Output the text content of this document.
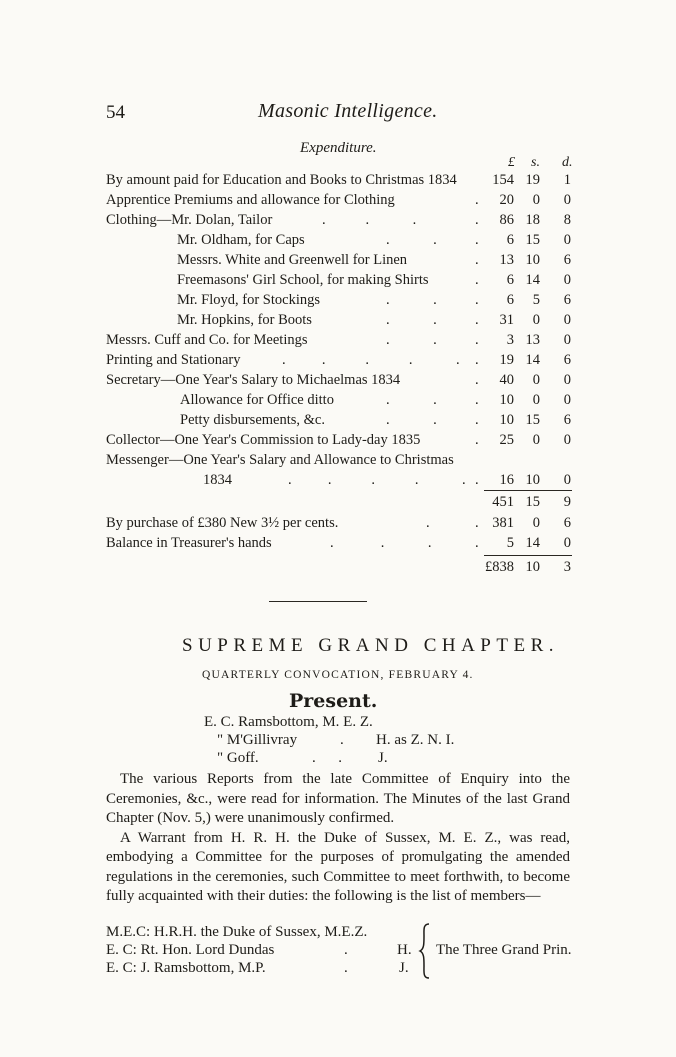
54	Masonic Intelligence.
Expenditure.
£ s. d.
By amount paid for Education and Books to Christmas 1834	154 19	1
Apprentice Premiums and allowance for Clothing	.	20	0	0
Clothing—Mr. Dolan, Tailor	.           .            .	.	86 18	8
Mr. Oldham, for Caps	.            .	.	6 15	0
Messrs. White and Greenwell for Linen	.	13 10	6
Freemasons' Girl School, for making Shirts	.	6 14	0
Mr. Floyd, for Stockings	.            .	.	6	5	6
Mr. Hopkins, for Boots	.            .	.	31	0	0
Messrs. Cuff and Co. for Meetings	.            .	.	3 13	0
Printing and Stationary	.          .           .           .            . .	19 14	6
Secretary—One Year's Salary to Michaelmas 1834	.	40	0	0
Allowance for Office ditto	.            .	.	10	0	0
Petty disbursements, &c.	.            .	.	10 15	6
Collector—One Year's Commission to Lady-day 1835	.	25	0	0
Messenger—One Year's Salary and Allowance to Christmas
1834	.          .           .           .            . .	16 10	0
451 15	9
By purchase of £380 New 3½ per cents.	.	. 381	0	6
Balance in Treasurer's hands	.             .            .	.	5 14	0
£838 10	3
SUPREME GRAND CHAPTER.
QUARTERLY CONVOCATION, FEBRUARY 4.
Present.
E. C. Ramsbottom, M. E. Z.
" M'Gillivray	. H. as Z. N. I.
" Goff.	.      . J.

The various Reports from the late Committee of Enquiry into the Ceremonies, &c., were read for information. The Minutes of the last Grand Chapter (Nov. 5,) were unanimously confirmed.

A Warrant from H. R. H. the Duke of Sussex, M. E. Z., was read, embodying a Committee for the purposes of promulgating the amended regulations in the ceremonies, such Committee to meet forthwith, to become fully acquainted with their duties: the following is the list of members—

M.E.C: H.R.H. the Duke of Sussex, M.E.Z.
E. C: Rt. Hon. Lord Dundas	.	H.
E. C: J. Ramsbottom, M.P.	.	J.
The Three Grand Prin.
